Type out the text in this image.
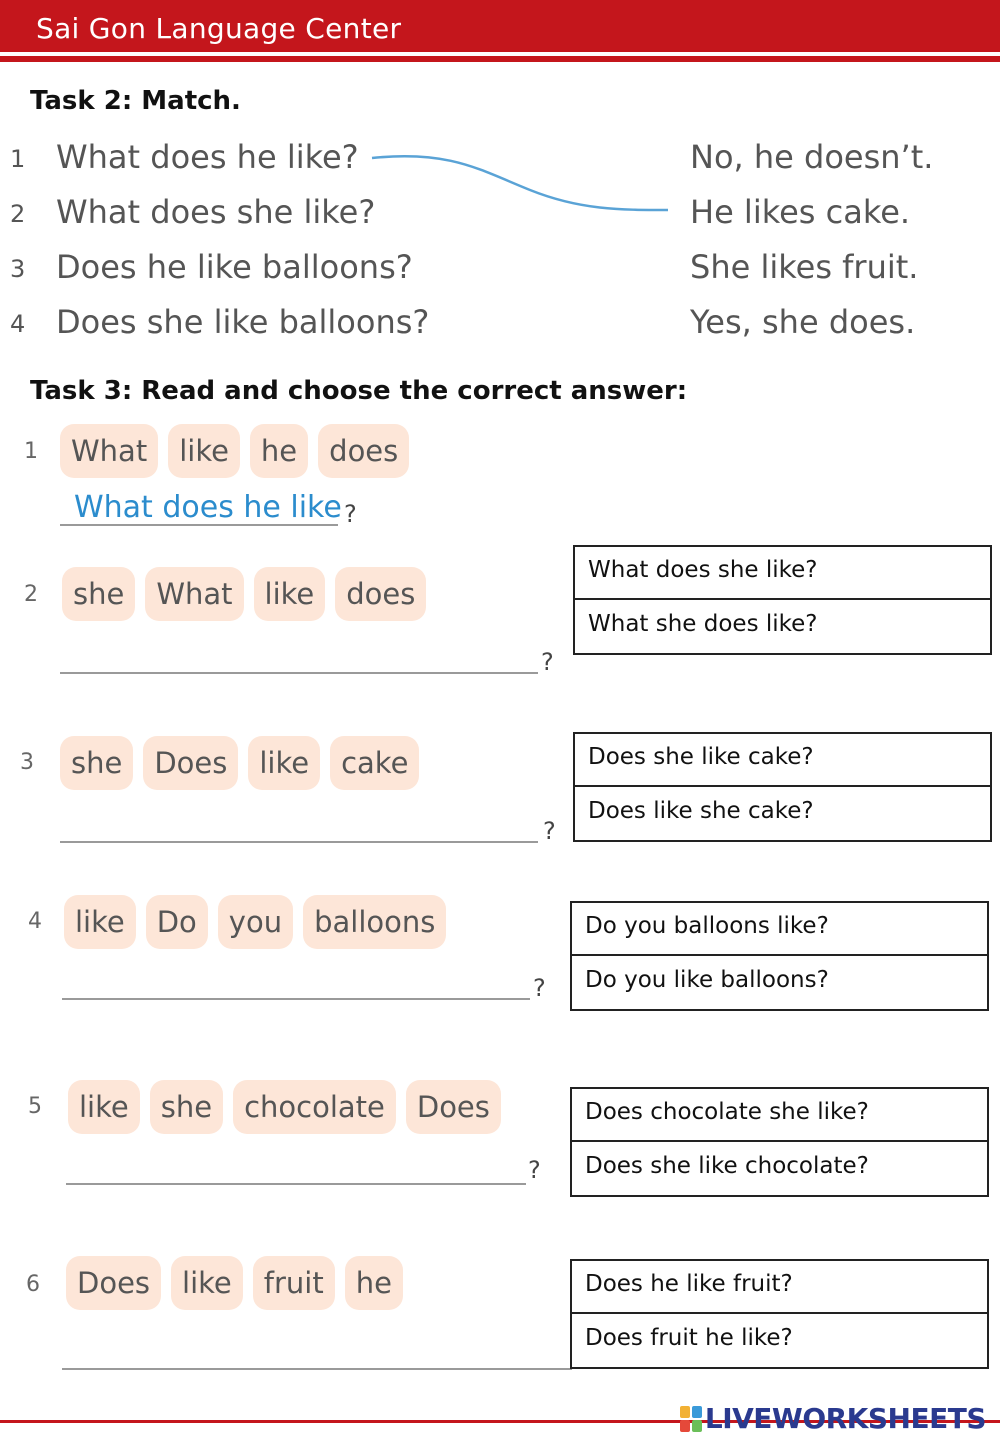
Sai Gon Language Center
Task 2: Match.
1 What does he like?
2 What does she like?
3 Does he like balloons?
4 Does she like balloons?
No, he doesn’t.
He likes cake.
She likes fruit.
Yes, she does.
Task 3: Read and choose the correct answer:
1	What	like	he	does
What does he like ?
2	she	What	like	does
?
What does she like?
What she does like?
3	she	Does	like	cake
?
Does she like cake?
Does like she cake?
4	like	Do	you	balloons
?
Do you balloons like?
Do you like balloons?
5	like	she	chocolate	Does
?
Does chocolate she like?
Does she like chocolate?
6	Does	like	fruit	he	Does he like fruit?
Does fruit he like?
LIVEWORKSHEETS
